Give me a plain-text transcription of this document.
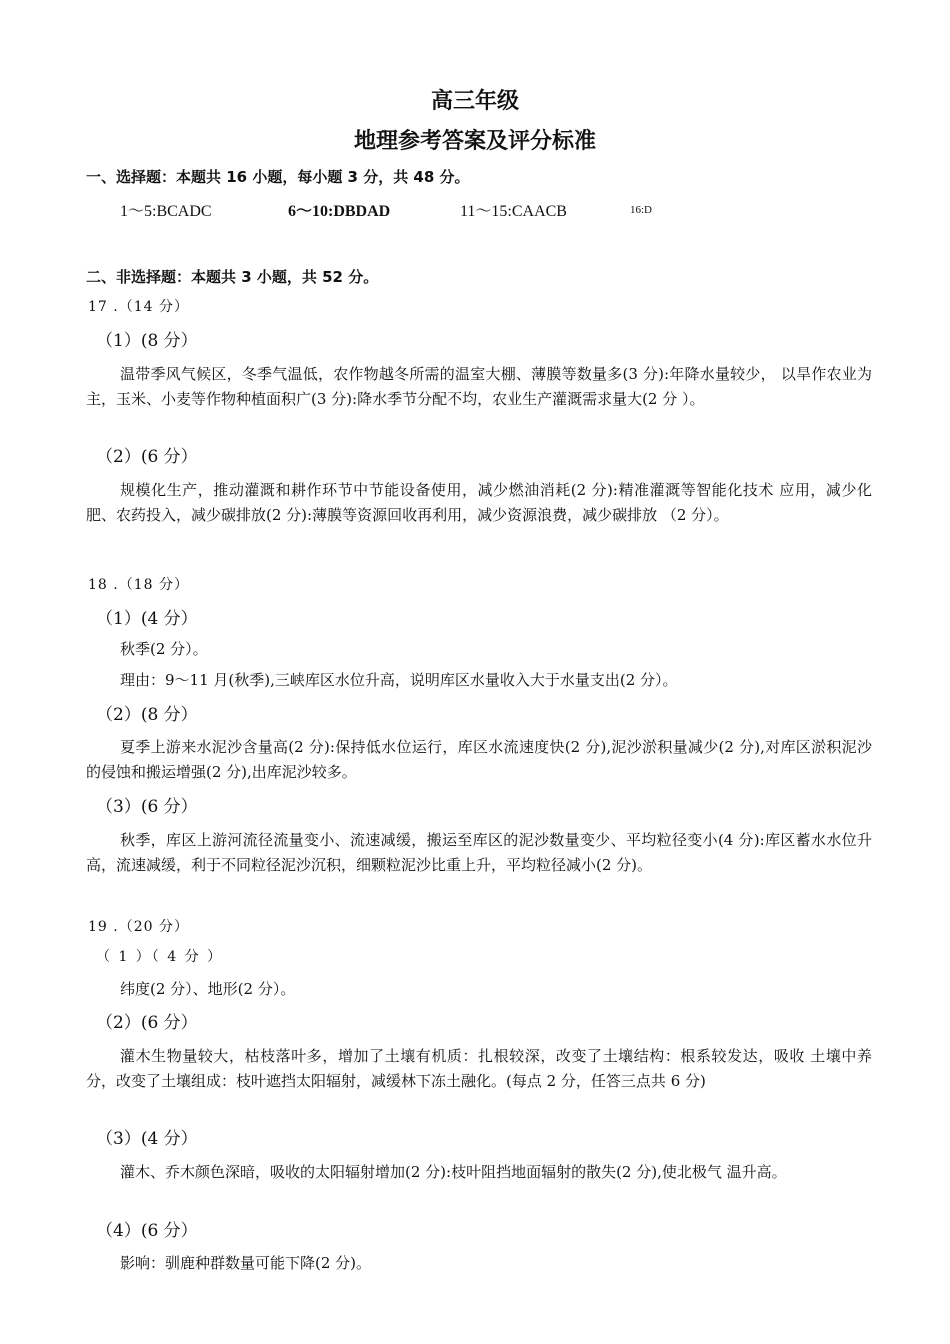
高三年级
地理参考答案及评分标准
一、选择题：本题共 16 小题，每小题 3 分，共 48 分。
1～5:BCADC	6～10:DBDAD	11～15:CAACB	16:D
二、非选择题：本题共 3 小题，共 52 分。
17 .（14 分）
（1）(8 分）
温带季风气候区，冬季气温低，农作物越冬所需的温室大棚、薄膜等数量多(3 分):年降水量较少， 以旱作农业为主，玉米、小麦等作物种植面积广(3 分):降水季节分配不均，农业生产灌溉需求量大(2 分 ）。
（2）(6 分）
规模化生产，推动灌溉和耕作环节中节能设备使用，减少燃油消耗(2 分):精准灌溉等智能化技术 应用，减少化肥、农药投入，减少碳排放(2 分):薄膜等资源回收再利用，减少资源浪费，减少碳排放 （2 分）。
18 .（18 分）
（1）(4 分）
秋季(2 分）。
理由：9～11 月(秋季),三峡库区水位升高，说明库区水量收入大于水量支出(2 分）。
（2）(8 分）
夏季上游来水泥沙含量高(2 分):保持低水位运行，库区水流速度快(2 分),泥沙淤积量减少(2 分),对库区淤积泥沙的侵蚀和搬运增强(2 分),出库泥沙较多。
（3）(6 分）
秋季，库区上游河流径流量变小、流速减缓，搬运至库区的泥沙数量变少、平均粒径变小(4 分):库区蓄水水位升高，流速减缓，利于不同粒径泥沙沉积，细颗粒泥沙比重上升，平均粒径减小(2 分)。
19 .（20 分）
（ 1 ）（ 4 分 ）
纬度(2 分）、地形(2 分）。
（2）(6 分）
灌木生物量较大，枯枝落叶多，增加了土壤有机质：扎根较深，改变了土壤结构：根系较发达，吸收 土壤中养分，改变了土壤组成：枝叶遮挡太阳辐射，减缓林下冻土融化。(每点 2 分，任答三点共 6 分)
（3）(4 分）
灌木、乔木颜色深暗，吸收的太阳辐射增加(2 分):枝叶阻挡地面辐射的散失(2 分),使北极气 温升高。
（4）(6 分）
影响：驯鹿种群数量可能下降(2 分)。
